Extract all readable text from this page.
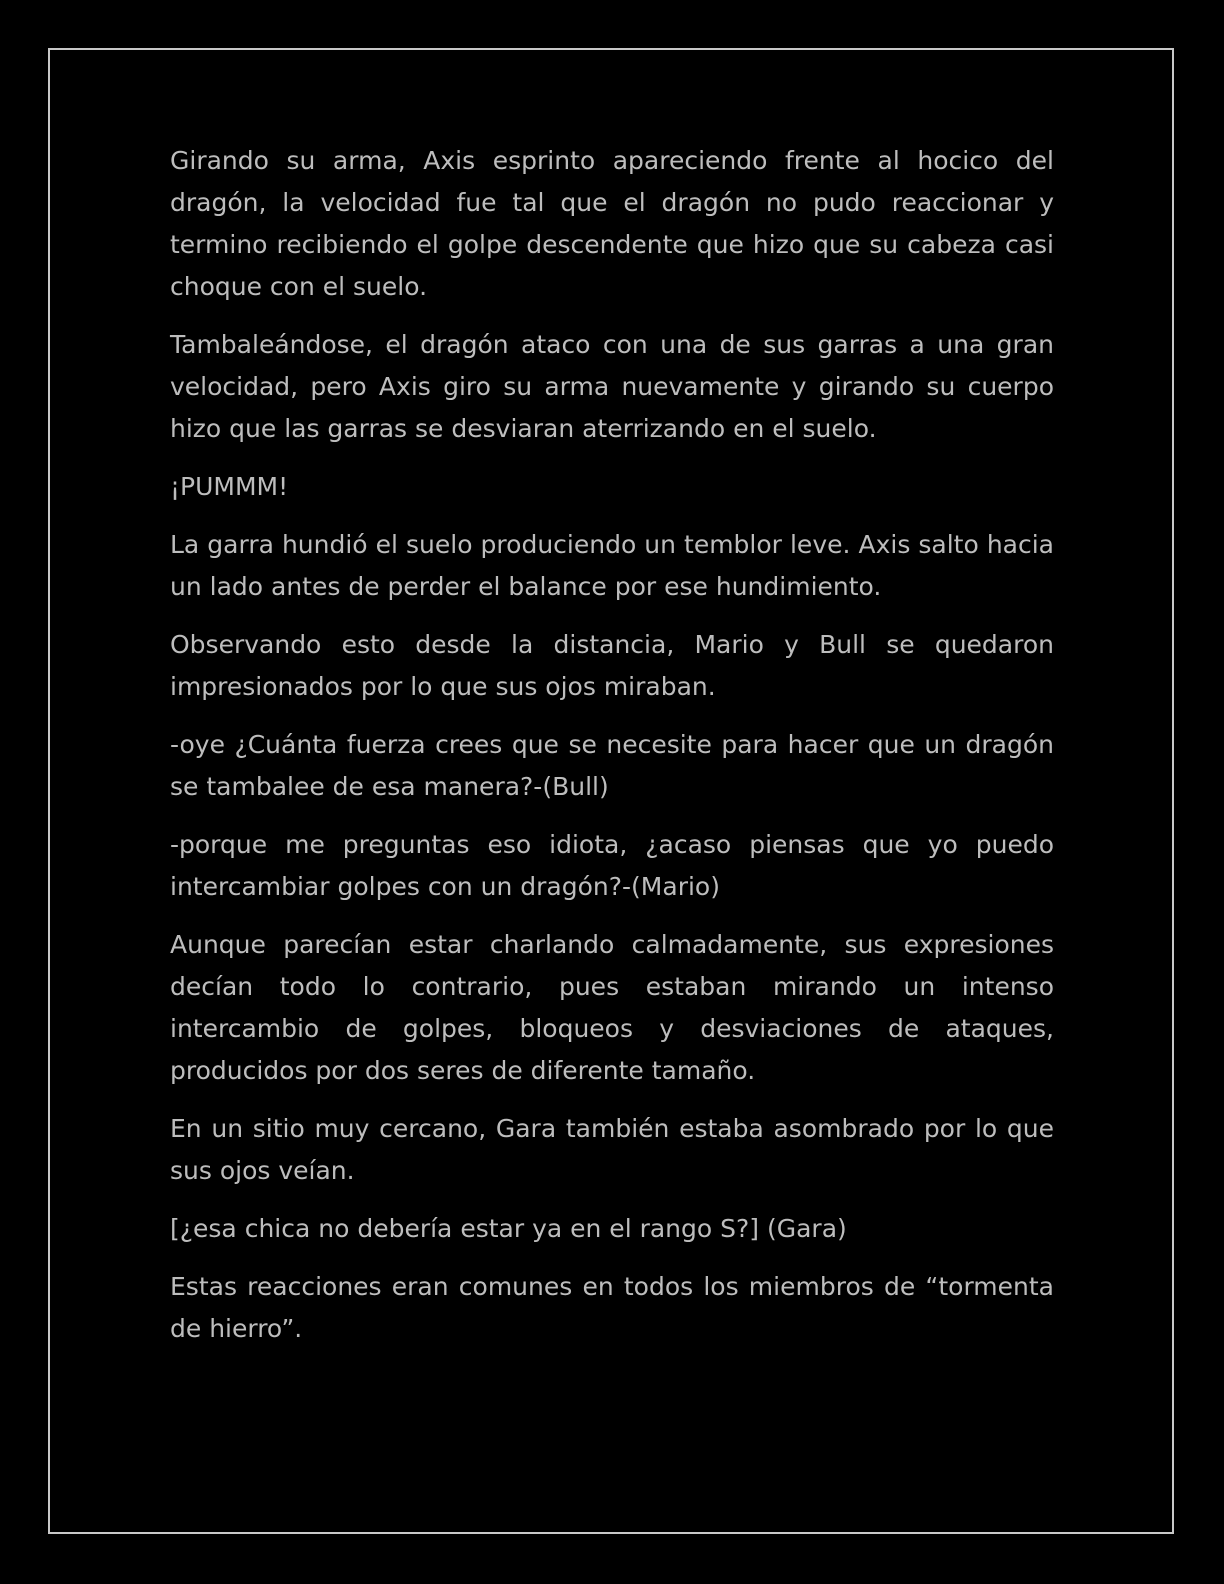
Girando su arma, Axis esprinto apareciendo frente al hocico del dragón, la velocidad fue tal que el dragón no pudo reaccionar y termino recibiendo el golpe descendente que hizo que su cabeza casi choque con el suelo.

Tambaleándose, el dragón ataco con una de sus garras a una gran velocidad, pero Axis giro su arma nuevamente y girando su cuerpo hizo que las garras se desviaran aterrizando en el suelo.

¡PUMMM!

La garra hundió el suelo produciendo un temblor leve. Axis salto hacia un lado antes de perder el balance por ese hundimiento.

Observando esto desde la distancia, Mario y Bull se quedaron impresionados por lo que sus ojos miraban.

-oye ¿Cuánta fuerza crees que se necesite para hacer que un dragón se tambalee de esa manera?-(Bull)

-porque me preguntas eso idiota, ¿acaso piensas que yo puedo intercambiar golpes con un dragón?-(Mario)

Aunque parecían estar charlando calmadamente, sus expresiones decían todo lo contrario, pues estaban mirando un intenso intercambio de golpes, bloqueos y desviaciones de ataques, producidos por dos seres de diferente tamaño.

En un sitio muy cercano, Gara también estaba asombrado por lo que sus ojos veían.

[¿esa chica no debería estar ya en el rango S?] (Gara)

Estas reacciones eran comunes en todos los miembros de “tormenta de hierro”.
